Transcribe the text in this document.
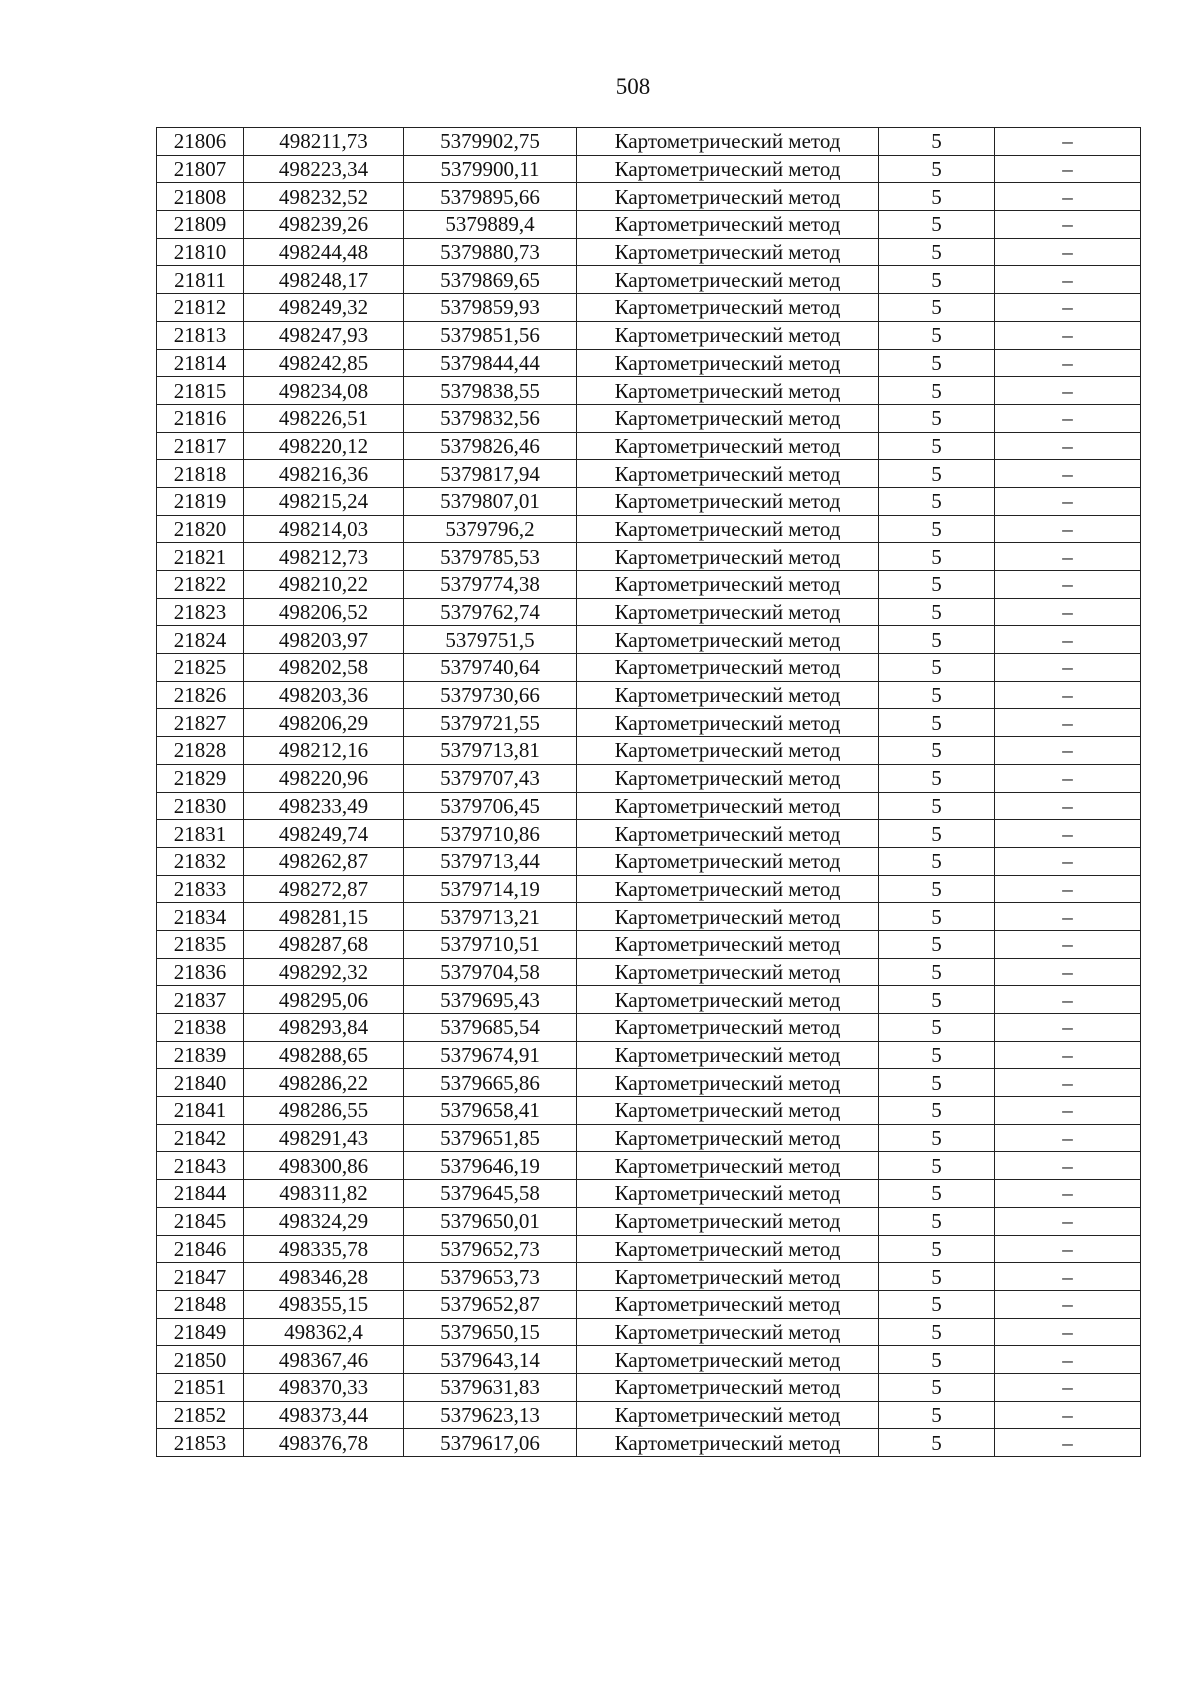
508
21806	498211,73	5379902,75	Картометрический метод	5	–
21807	498223,34	5379900,11	Картометрический метод	5	–
21808	498232,52	5379895,66	Картометрический метод	5	–
21809	498239,26	5379889,4	Картометрический метод	5	–
21810	498244,48	5379880,73	Картометрический метод	5	–
21811	498248,17	5379869,65	Картометрический метод	5	–
21812	498249,32	5379859,93	Картометрический метод	5	–
21813	498247,93	5379851,56	Картометрический метод	5	–
21814	498242,85	5379844,44	Картометрический метод	5	–
21815	498234,08	5379838,55	Картометрический метод	5	–
21816	498226,51	5379832,56	Картометрический метод	5	–
21817	498220,12	5379826,46	Картометрический метод	5	–
21818	498216,36	5379817,94	Картометрический метод	5	–
21819	498215,24	5379807,01	Картометрический метод	5	–
21820	498214,03	5379796,2	Картометрический метод	5	–
21821	498212,73	5379785,53	Картометрический метод	5	–
21822	498210,22	5379774,38	Картометрический метод	5	–
21823	498206,52	5379762,74	Картометрический метод	5	–
21824	498203,97	5379751,5	Картометрический метод	5	–
21825	498202,58	5379740,64	Картометрический метод	5	–
21826	498203,36	5379730,66	Картометрический метод	5	–
21827	498206,29	5379721,55	Картометрический метод	5	–
21828	498212,16	5379713,81	Картометрический метод	5	–
21829	498220,96	5379707,43	Картометрический метод	5	–
21830	498233,49	5379706,45	Картометрический метод	5	–
21831	498249,74	5379710,86	Картометрический метод	5	–
21832	498262,87	5379713,44	Картометрический метод	5	–
21833	498272,87	5379714,19	Картометрический метод	5	–
21834	498281,15	5379713,21	Картометрический метод	5	–
21835	498287,68	5379710,51	Картометрический метод	5	–
21836	498292,32	5379704,58	Картометрический метод	5	–
21837	498295,06	5379695,43	Картометрический метод	5	–
21838	498293,84	5379685,54	Картометрический метод	5	–
21839	498288,65	5379674,91	Картометрический метод	5	–
21840	498286,22	5379665,86	Картометрический метод	5	–
21841	498286,55	5379658,41	Картометрический метод	5	–
21842	498291,43	5379651,85	Картометрический метод	5	–
21843	498300,86	5379646,19	Картометрический метод	5	–
21844	498311,82	5379645,58	Картометрический метод	5	–
21845	498324,29	5379650,01	Картометрический метод	5	–
21846	498335,78	5379652,73	Картометрический метод	5	–
21847	498346,28	5379653,73	Картометрический метод	5	–
21848	498355,15	5379652,87	Картометрический метод	5	–
21849	498362,4	5379650,15	Картометрический метод	5	–
21850	498367,46	5379643,14	Картометрический метод	5	–
21851	498370,33	5379631,83	Картометрический метод	5	–
21852	498373,44	5379623,13	Картометрический метод	5	–
21853	498376,78	5379617,06	Картометрический метод	5	–
